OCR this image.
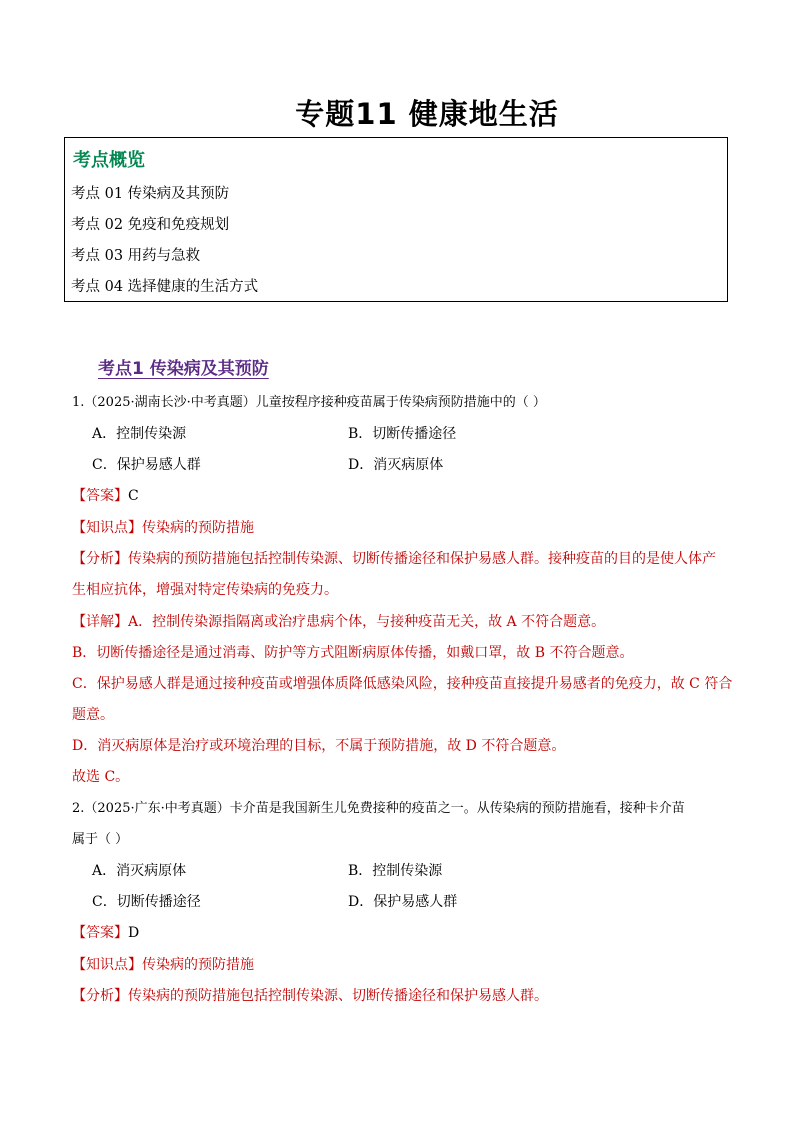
专题11 健康地生活
考点概览
考点 01 传染病及其预防
考点 02 免疫和免疫规划
考点 03 用药与急救
考点 04 选择健康的生活方式
考点1 传染病及其预防
1.（2025·湖南长沙·中考真题）儿童按程序接种疫苗属于传染病预防措施中的（ ）
A．控制传染源	B．切断传播途径
C．保护易感人群	D．消灭病原体
【答案】C
【知识点】传染病的预防措施
【分析】传染病的预防措施包括控制传染源、切断传播途径和保护易感人群。接种疫苗的目的是使人体产
生相应抗体，增强对特定传染病的免疫力。
【详解】A．控制传染源指隔离或治疗患病个体，与接种疫苗无关，故 A 不符合题意。
B．切断传播途径是通过消毒、防护等方式阻断病原体传播，如戴口罩，故 B 不符合题意。
C．保护易感人群是通过接种疫苗或增强体质降低感染风险，接种疫苗直接提升易感者的免疫力，故 C 符合
题意。
D．消灭病原体是治疗或环境治理的目标，不属于预防措施，故 D 不符合题意。
故选 C。
2.（2025·广东·中考真题）卡介苗是我国新生儿免费接种的疫苗之一。从传染病的预防措施看，接种卡介苗
属于（ ）
A．消灭病原体	B．控制传染源
C．切断传播途径	D．保护易感人群
【答案】D
【知识点】传染病的预防措施
【分析】传染病的预防措施包括控制传染源、切断传播途径和保护易感人群。
